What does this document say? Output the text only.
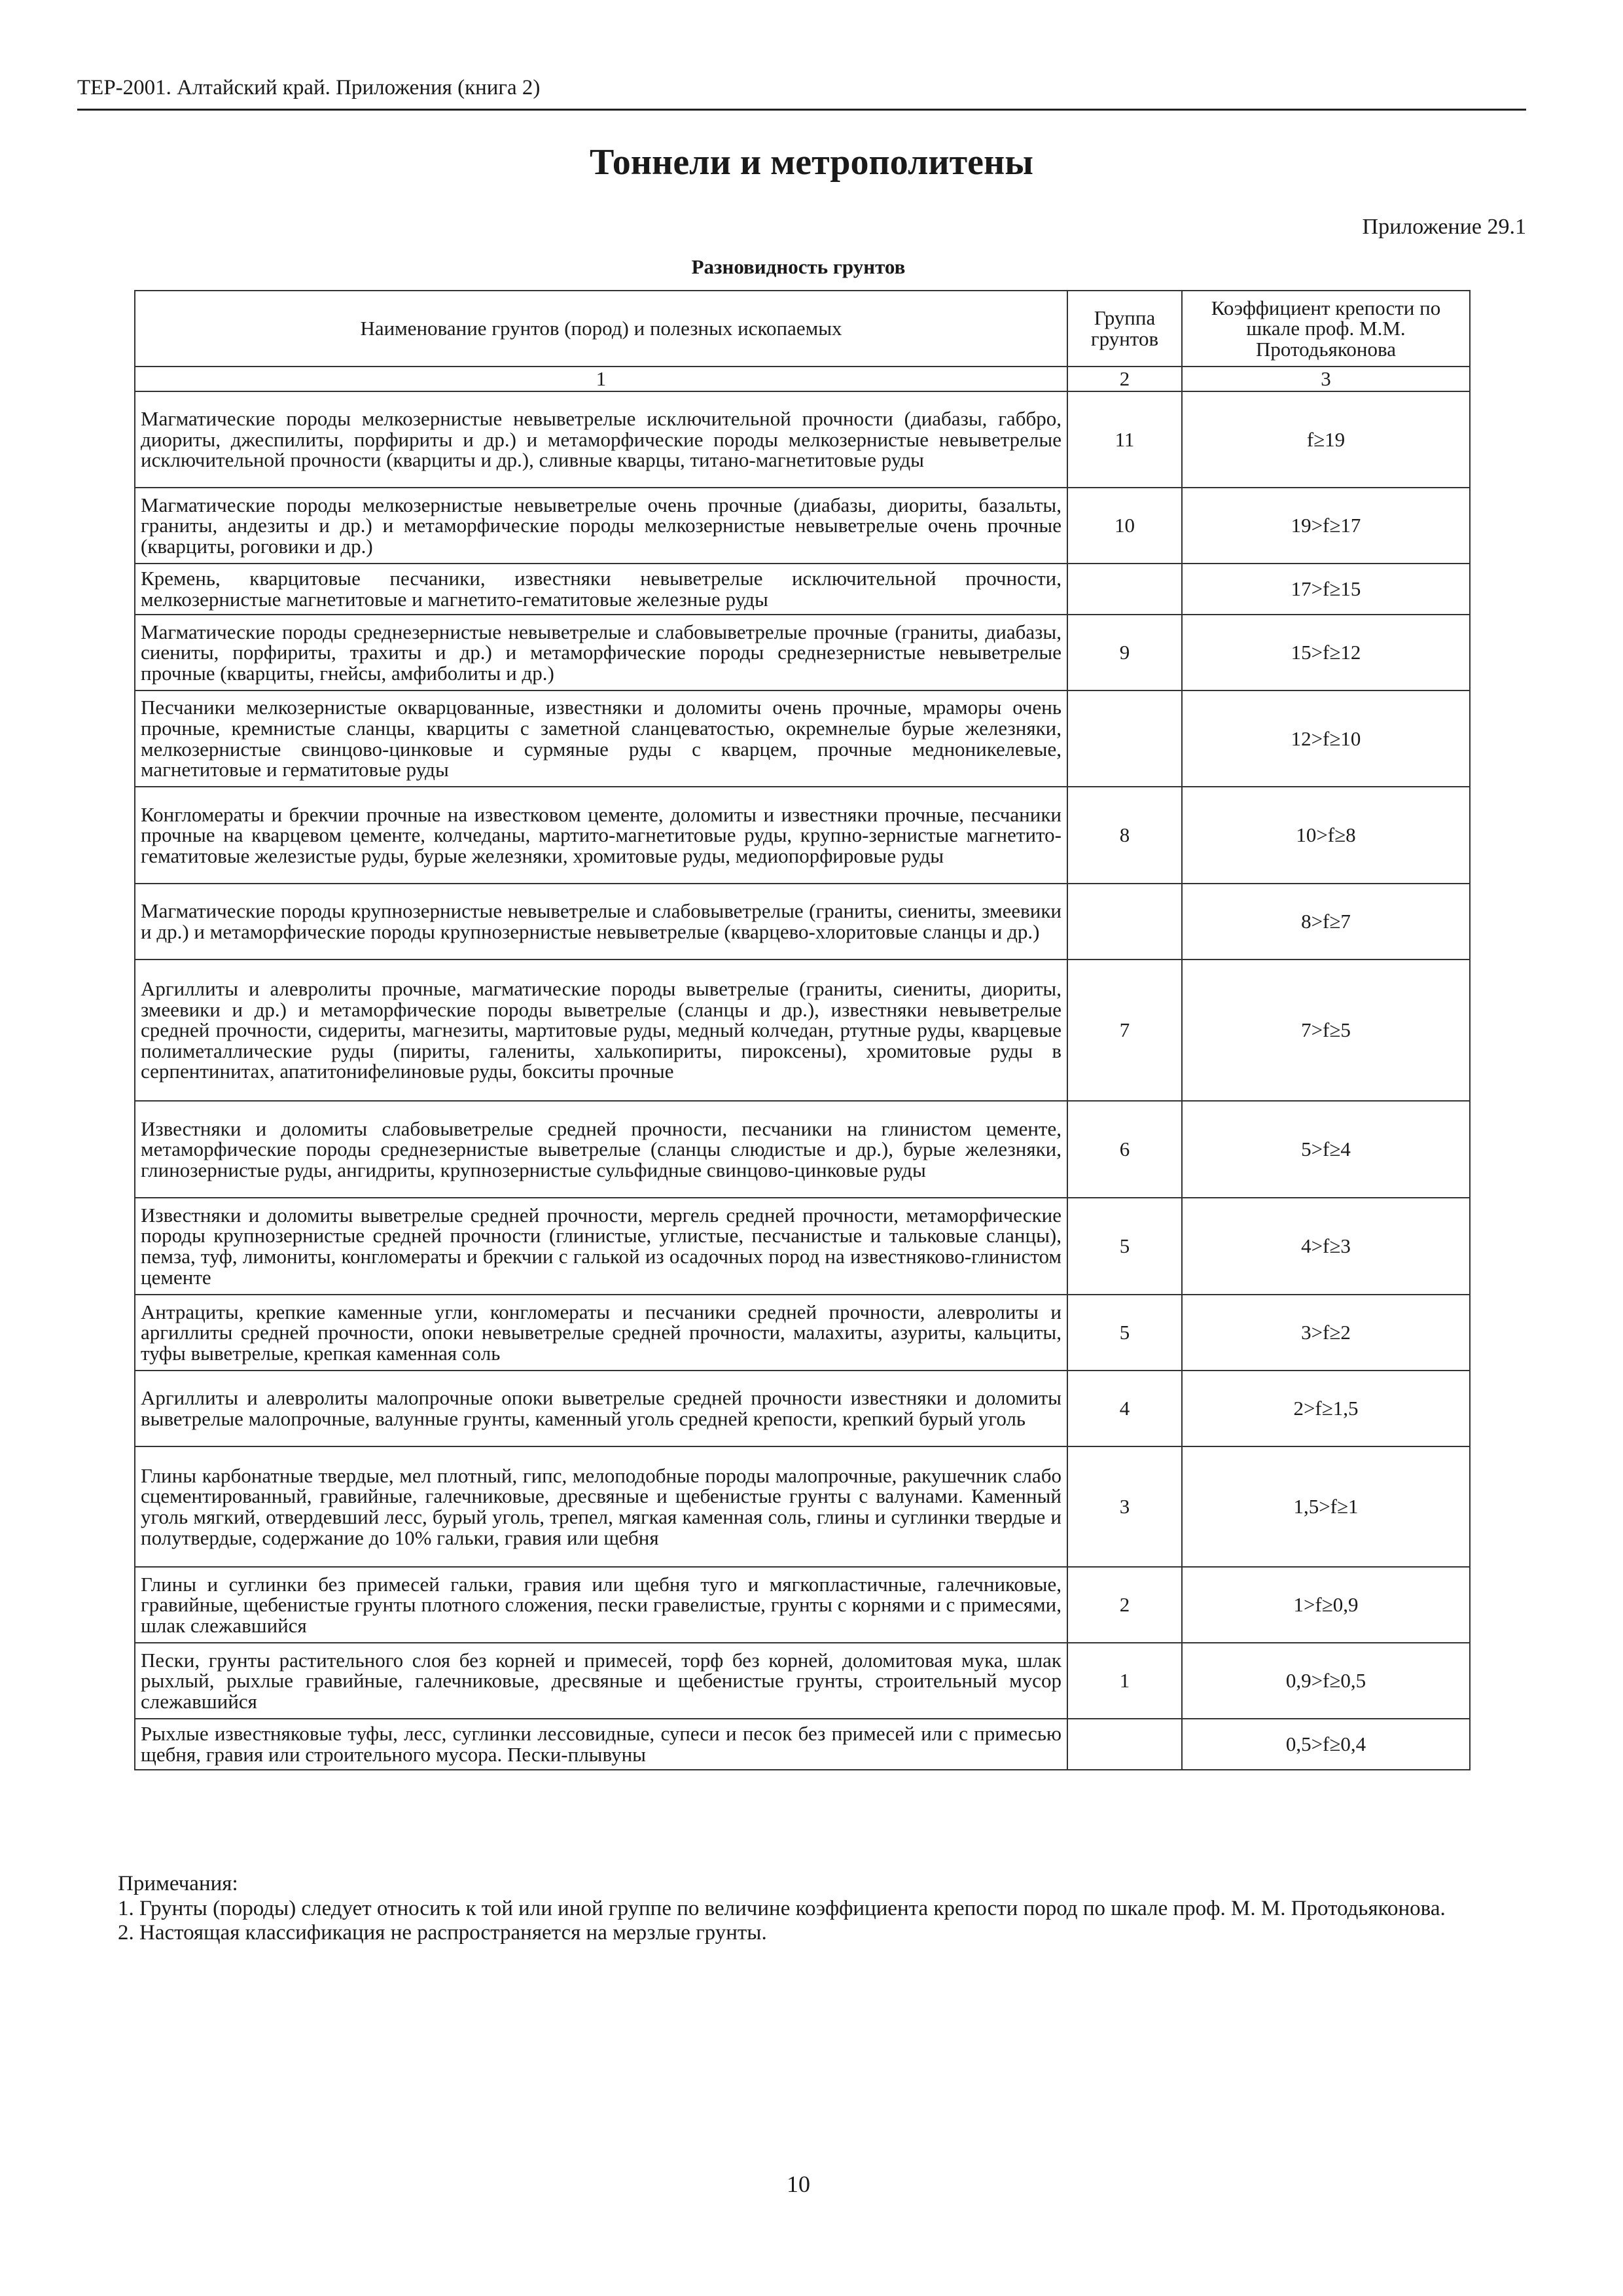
ТЕР-2001. Алтайский край. Приложения (книга 2)
Тоннели и метрополитены
Приложение 29.1
Разновидность грунтов
Наименование грунтов (пород) и полезных ископаемых	Группа грунтов	Коэффициент крепости по шкале проф. М.М. Протодьяконова
1	2	3
Магматические породы мелкозернистые невыветрелые исключительной прочности (диабазы, габбро, диориты, джеспилиты, порфириты и др.) и метаморфические породы мелкозернистые невыветрелые исключительной прочности (кварциты и др.), сливные кварцы, титано-магнетитовые руды	11	f≥19
Магматические породы мелкозернистые невыветрелые очень прочные (диабазы, диориты, базальты, граниты, андезиты и др.) и метаморфические породы мелкозернистые невыветрелые очень прочные (кварциты, роговики и др.)	10	19>f≥17
Кремень, кварцитовые песчаники, известняки невыветрелые исключительной прочности, мелкозернистые магнетитовые и магнетито-гематитовые железные руды		17>f≥15
Магматические породы среднезернистые невыветрелые и слабовыветрелые прочные (граниты, диабазы, сиениты, порфириты, трахиты и др.) и метаморфические породы среднезернистые невыветрелые прочные (кварциты, гнейсы, амфиболиты и др.)	9	15>f≥12
Песчаники мелкозернистые окварцованные, известняки и доломиты очень прочные, мраморы очень прочные, кремнистые сланцы, кварциты с заметной сланцеватостью, окремнелые бурые железняки, мелкозернистые свинцово-цинковые и сурмяные руды с кварцем, прочные медноникелевые, магнетитовые и герматитовые руды		12>f≥10
Конгломераты и брекчии прочные на известковом цементе, доломиты и известняки прочные, песчаники прочные на кварцевом цементе, колчеданы, мартито-магнетитовые руды, крупно-зернистые магнетито-гематитовые железистые руды, бурые железняки, хромитовые руды, медиопорфировые руды	8	10>f≥8
Магматические породы крупнозернистые невыветрелые и слабовыветрелые (граниты, сиениты, змеевики и др.) и метаморфические породы крупнозернистые невыветрелые (кварцево-хлоритовые сланцы и др.)		8>f≥7
Аргиллиты и алевролиты прочные, магматические породы выветрелые (граниты, сиениты, диориты, змеевики и др.) и метаморфические породы выветрелые (сланцы и др.), известняки невыветрелые средней прочности, сидериты, магнезиты, мартитовые руды, медный колчедан, ртутные руды, кварцевые полиметаллические руды (пириты, галениты, халькопириты, пироксены), хромитовые руды в серпентинитах, апатитонифелиновые руды, бокситы прочные	7	7>f≥5
Известняки и доломиты слабовыветрелые средней прочности, песчаники на глинистом цементе, метаморфические породы среднезернистые выветрелые (сланцы слюдистые и др.), бурые железняки, глинозернистые руды, ангидриты, крупнозернистые сульфидные свинцово-цинковые руды	6	5>f≥4
Известняки и доломиты выветрелые средней прочности, мергель средней прочности, метаморфические породы крупнозернистые средней прочности (глинистые, углистые, песчанистые и тальковые сланцы), пемза, туф, лимониты, конгломераты и брекчии с галькой из осадочных пород на известняково-глинистом цементе	5	4>f≥3
Антрациты, крепкие каменные угли, конгломераты и песчаники средней прочности, алевролиты и аргиллиты средней прочности, опоки невыветрелые средней прочности, малахиты, азуриты, кальциты, туфы выветрелые, крепкая каменная соль	5	3>f≥2
Аргиллиты и алевролиты малопрочные опоки выветрелые средней прочности известняки и доломиты выветрелые малопрочные, валунные грунты, каменный уголь средней крепости, крепкий бурый уголь	4	2>f≥1,5
Глины карбонатные твердые, мел плотный, гипс, мелоподобные породы малопрочные, ракушечник слабо сцементированный, гравийные, галечниковые, дресвяные и щебенистые грунты с валунами. Каменный уголь мягкий, отвердевший лесс, бурый уголь, трепел, мягкая каменная соль, глины и суглинки твердые и полутвердые, содержание до 10% гальки, гравия или щебня	3	1,5>f≥1
Глины и суглинки без примесей гальки, гравия или щебня туго и мягкопластичные, галечниковые, гравийные, щебенистые грунты плотного сложения, пески гравелистые, грунты с корнями и с примесями, шлак слежавшийся	2	1>f≥0,9
Пески, грунты растительного слоя без корней и примесей, торф без корней, доломитовая мука, шлак рыхлый, рыхлые гравийные, галечниковые, дресвяные и щебенистые грунты, строительный мусор слежавшийся	1	0,9>f≥0,5
Рыхлые известняковые туфы, лесс, суглинки лессовидные, супеси и песок без примесей или с примесью щебня, гравия или строительного мусора. Пески-плывуны		0,5>f≥0,4
Примечания:
1. Грунты (породы) следует относить к той или иной группе по величине коэффициента крепости пород по шкале проф. М. М. Протодьяконова.
2. Настоящая классификация не распространяется на мерзлые грунты.
10
